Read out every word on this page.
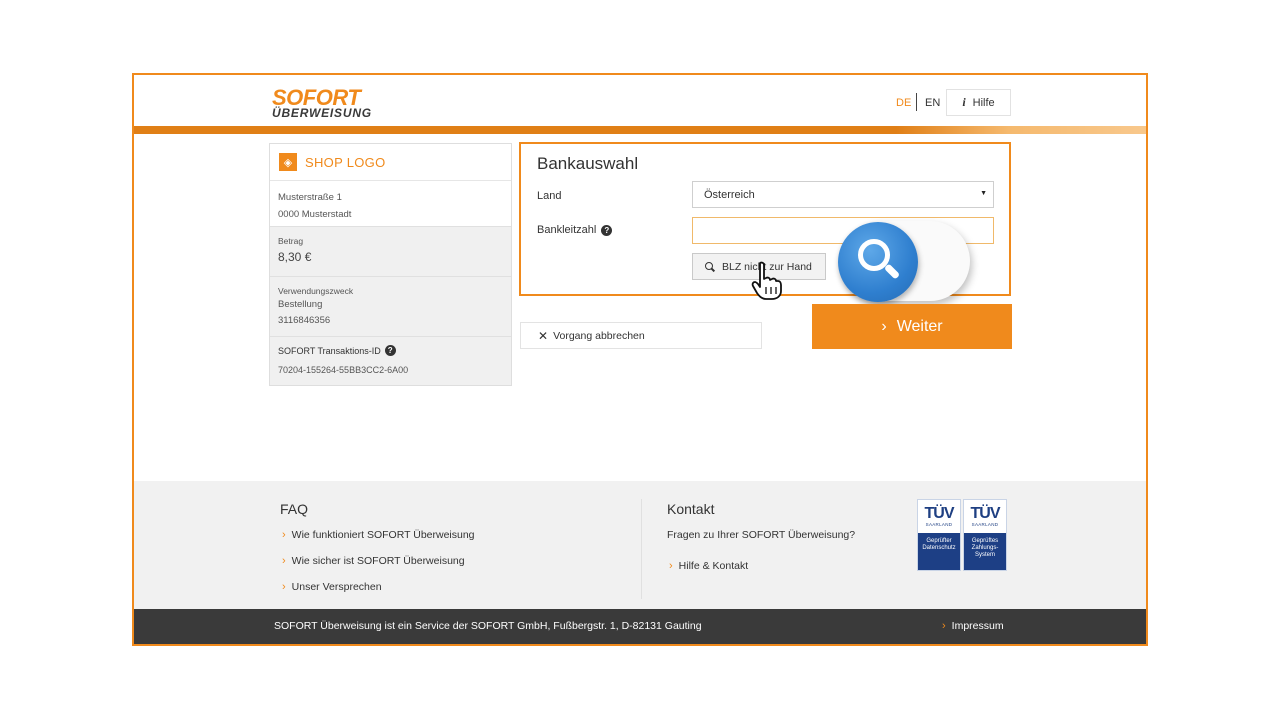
SOFORT
ÜBERWEISUNG
DE EN i Hilfe
◈ SHOP LOGO
Musterstraße 1
0000 Musterstadt
Betrag
8,30 €
Verwendungszweck
Bestellung
3116846356
SOFORT Transaktions-ID ?
70204-155264-55BB3CC2-6A00
Bankauswahl
Land	Österreich	▼
Bankleitzahl	?
BLZ nicht zur Hand
✕ Vorgang abbrechen
› Weiter
FAQ
› Wie funktioniert SOFORT Überweisung
› Wie sicher ist SOFORT Überweisung
› Unser Versprechen
Kontakt
Fragen zu Ihrer SOFORT Überweisung?
› Hilfe & Kontakt
TÜV
SAARLAND
Geprüfter
Datenschutz
TÜV
SAARLAND
Geprüftes
Zahlungs-
System
SOFORT Überweisung ist ein Service der SOFORT GmbH, Fußbergstr. 1, D-82131 Gauting	› Impressum
